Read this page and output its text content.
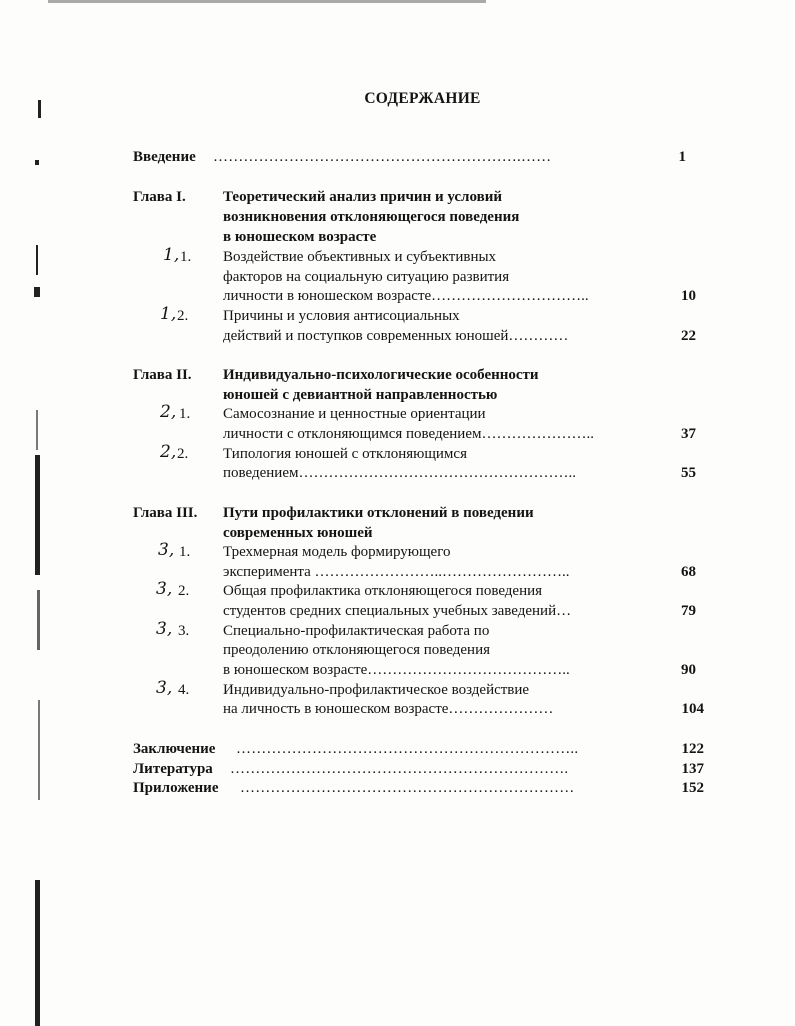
СОДЕРЖАНИЕ
Введение …………………………………………………….……	1
Глава I. Теоретический анализ причин и условий
возникновения отклоняющегося поведения
в юношеском возрасте
1, 1. Воздействие объективных и субъективных
факторов на социальную ситуацию развития
личности в юношеском возрасте…………………………..	10
1, 2. Причины и условия антисоциальных
действий и поступков современных юношей…………	22
Глава II. Индивидуально-психологические особенности
юношей с девиантной направленностью
2, 1. Самосознание и ценностные ориентации
личности с отклоняющимся поведением…………………..	37
2, 2. Типология юношей с отклоняющимся
поведением………………………………………………..	55
Глава III. Пути профилактики отклонений в поведении
современных юношей
3, 1. Трехмерная модель формирующего
эксперимента ……………………..……………………..	68
3, 2. Общая профилактика отклоняющегося поведения
студентов средних специальных учебных заведений…	79
3, 3. Специально-профилактическая работа по
преодолению отклоняющегося поведения
в юношеском возрасте…………………………………..	90
3, 4. Индивидуально-профилактическое воздействие
на личность в юношеском возрасте…………………	104
Заключение …………………………………………………………..	122
Литература ………………………………………………………….	137
Приложение …………………………………………………………	152
